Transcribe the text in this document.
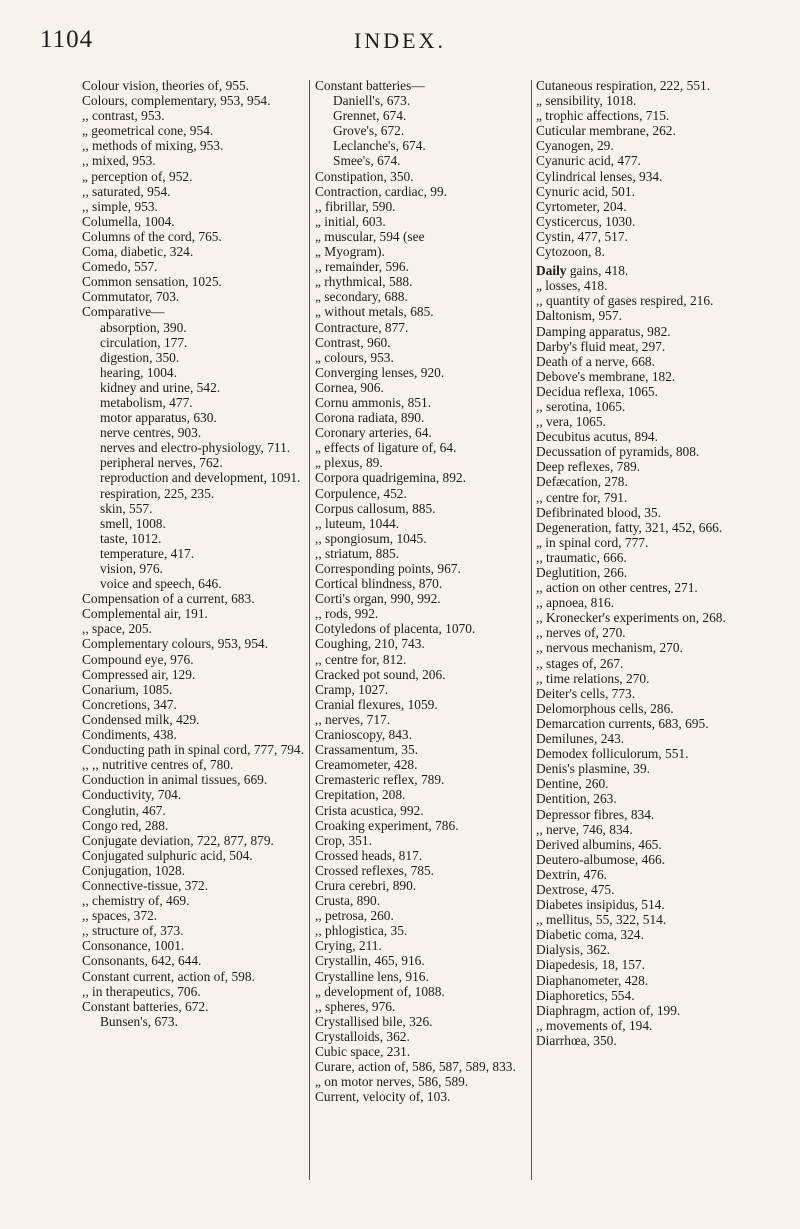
1104	INDEX.

Colour vision, theories of, 955.

Colours, complementary, 953, 954.

,, contrast, 953.

„ geometrical cone, 954.

,, methods of mixing, 953.

,, mixed, 953.

„ perception of, 952.

,, saturated, 954.

,, simple, 953.

Columella, 1004.

Columns of the cord, 765.

Coma, diabetic, 324.

Comedo, 557.

Common sensation, 1025.

Commutator, 703.

Comparative—

absorption, 390.

circulation, 177.

digestion, 350.

hearing, 1004.

kidney and urine, 542.

metabolism, 477.

motor apparatus, 630.

nerve centres, 903.

nerves and electro-physiology, 711.

peripheral nerves, 762.

reproduction and development, 1091.

respiration, 225, 235.

skin, 557.

smell, 1008.

taste, 1012.

temperature, 417.

vision, 976.

voice and speech, 646.

Compensation of a current, 683.

Complemental air, 191.

,, space, 205.

Complementary colours, 953, 954.

Compound eye, 976.

Compressed air, 129.

Conarium, 1085.

Concretions, 347.

Condensed milk, 429.

Condiments, 438.

Conducting path in spinal cord, 777, 794.

,, ,, nutritive centres of, 780.

Conduction in animal tissues, 669.

Conductivity, 704.

Conglutin, 467.

Congo red, 288.

Conjugate deviation, 722, 877, 879.

Conjugated sulphuric acid, 504.

Conjugation, 1028.

Connective-tissue, 372.

,, chemistry of, 469.

,, spaces, 372.

,, structure of, 373.

Consonance, 1001.

Consonants, 642, 644.

Constant current, action of, 598.

,, in therapeutics, 706.

Constant batteries, 672.

Bunsen's, 673.

Constant batteries—

Daniell's, 673.

Grennet, 674.

Grove's, 672.

Leclanche's, 674.

Smee's, 674.

Constipation, 350.

Contraction, cardiac, 99.

,, fibrillar, 590.

„ initial, 603.

„ muscular, 594 (see

„ Myogram).

,, remainder, 596.

„ rhythmical, 588.

„ secondary, 688.

„ without metals, 685.

Contracture, 877.

Contrast, 960.

„ colours, 953.

Converging lenses, 920.

Cornea, 906.

Cornu ammonis, 851.

Corona radiata, 890.

Coronary arteries, 64.

„ effects of ligature of, 64.

„ plexus, 89.

Corpora quadrigemina, 892.

Corpulence, 452.

Corpus callosum, 885.

,, luteum, 1044.

,, spongiosum, 1045.

,, striatum, 885.

Corresponding points, 967.

Cortical blindness, 870.

Corti's organ, 990, 992.

,, rods, 992.

Cotyledons of placenta, 1070.

Coughing, 210, 743.

,, centre for, 812.

Cracked pot sound, 206.

Cramp, 1027.

Cranial flexures, 1059.

,, nerves, 717.

Cranioscopy, 843.

Crassamentum, 35.

Creamometer, 428.

Cremasteric reflex, 789.

Crepitation, 208.

Crista acustica, 992.

Croaking experiment, 786.

Crop, 351.

Crossed heads, 817.

Crossed reflexes, 785.

Crura cerebri, 890.

Crusta, 890.

,, petrosa, 260.

,, phlogistica, 35.

Crying, 211.

Crystallin, 465, 916.

Crystalline lens, 916.

„ development of, 1088.

,, spheres, 976.

Crystallised bile, 326.

Crystalloids, 362.

Cubic space, 231.

Curare, action of, 586, 587, 589, 833.

„ on motor nerves, 586, 589.

Current, velocity of, 103.

Cutaneous respiration, 222, 551.

„ sensibility, 1018.

„ trophic affections, 715.

Cuticular membrane, 262.

Cyanogen, 29.

Cyanuric acid, 477.

Cylindrical lenses, 934.

Cynuric acid, 501.

Cyrtometer, 204.

Cysticercus, 1030.

Cystin, 477, 517.

Cytozoon, 8.

Daily gains, 418.

„ losses, 418.

,, quantity of gases respired, 216.

Daltonism, 957.

Damping apparatus, 982.

Darby's fluid meat, 297.

Death of a nerve, 668.

Debove's membrane, 182.

Decidua reflexa, 1065.

,, serotina, 1065.

,, vera, 1065.

Decubitus acutus, 894.

Decussation of pyramids, 808.

Deep reflexes, 789.

Defæcation, 278.

,, centre for, 791.

Defibrinated blood, 35.

Degeneration, fatty, 321, 452, 666.

„ in spinal cord, 777.

,, traumatic, 666.

Deglutition, 266.

,, action on other centres, 271.

,, apnoea, 816.

,, Kronecker's experiments on, 268.

,, nerves of, 270.

,, nervous mechanism, 270.

,, stages of, 267.

,, time relations, 270.

Deiter's cells, 773.

Delomorphous cells, 286.

Demarcation currents, 683, 695.

Demilunes, 243.

Demodex folliculorum, 551.

Denis's plasmine, 39.

Dentine, 260.

Dentition, 263.

Depressor fibres, 834.

,, nerve, 746, 834.

Derived albumins, 465.

Deutero-albumose, 466.

Dextrin, 476.

Dextrose, 475.

Diabetes insipidus, 514.

,, mellitus, 55, 322, 514.

Diabetic coma, 324.

Dialysis, 362.

Diapedesis, 18, 157.

Diaphanometer, 428.

Diaphoretics, 554.

Diaphragm, action of, 199.

,, movements of, 194.

Diarrhœa, 350.
